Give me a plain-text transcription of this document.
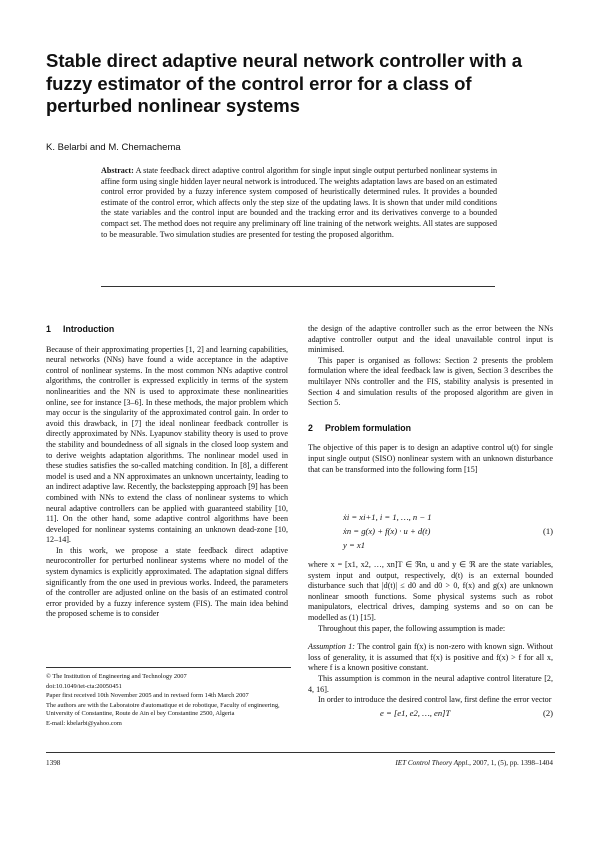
Stable direct adaptive neural network controller with a fuzzy estimator of the control error for a class of perturbed nonlinear systems
K. Belarbi and M. Chemachema
Abstract: A state feedback direct adaptive control algorithm for single input single output perturbed nonlinear systems in affine form using single hidden layer neural network is introduced. The weights adaptation laws are based on an estimated control error provided by a fuzzy inference system composed of heuristically determined rules. It provides a bounded estimate of the control error, which affects only the step size of the updating laws. It is shown that under mild conditions the state variables and the control input are bounded and the tracking error and its derivatives converge to a bounded compact set. The method does not require any preliminary off line training of the network weights. All states are supposed to be measurable. Two simulation studies are presented for testing the proposed algorithm.
1 Introduction

Because of their approximating properties [1, 2] and learning capabilities, neural networks (NNs) have found a wide acceptance in the adaptive control of nonlinear systems. In the most common NNs adaptive control algorithms, the controller is expressed explicitly in terms of the system nonlinearities and the NN is used to approximate these nonlinearities online, see for instance [3–6]. In these methods, the major problem which may occur is the singularity of the approximated control gain. In order to avoid this drawback, in [7] the ideal nonlinear feedback controller is directly approximated by NNs. Lyapunov stability theory is used to prove the stability and boundedness of all signals in the closed loop system and to derive weights adaptation algorithms. The nonlinear model used in these studies satisfies the so-called matching condition. In [8], a different model is used and a NN approximates an unknown uncertainty, leading to an indirect adaptive law. Recently, the backstepping approach [9] has been combined with NNs to extend the class of nonlinear systems to which neural adaptive controllers can be applied with guaranteed stability [10, 11]. On the other hand, some adaptive control algorithms have been developed for nonlinear systems containing an unknown dead-zone [10, 12–14].

In this work, we propose a state feedback direct adaptive neurocontroller for perturbed nonlinear systems where no model of the system dynamics is explicitly approximated. The adaptation signal differs significantly from the one used in previous works. Indeed, the parameters of the controller are adjusted online on the basis of an estimated control error provided by a fuzzy inference system (FIS). The main idea behind the proposed scheme is to consider

© The Institution of Engineering and Technology 2007
doi:10.1049/iet-cta:20050451
Paper first received 10th November 2005 and in revised form 14th March 2007
The authors are with the Laboratoire d'automatique et de robotique, Faculty of engineering, University of Constantine, Route de Ain el bey Constantine 2500, Algeria
E-mail: kbelarbi@yahoo.com

the design of the adaptive controller such as the error between the NNs adaptive controller output and the ideal unavailable control input is minimised.

This paper is organised as follows: Section 2 presents the problem formulation where the ideal feedback law is given, Section 3 describes the multilayer NNs controller and the FIS, stability analysis is presented in Section 4 and simulation results of the proposed algorithm are given in Section 5.

2 Problem formulation

The objective of this paper is to design an adaptive control u(t) for single input single output (SISO) nonlinear system with an unknown disturbance that can be transformed into the following form [15]

ẋi = xi+1, i = 1, …, n − 1
ẋn = g(x) + f(x) · u + d(t)	(1)
y = x1

where x = [x1, x2, …, xn]T ∈ ℜn, u and y ∈ ℜ are the state variables, system input and output, respectively, d(t) is an external bounded disturbance such that |d(t)| ≤ d0 and d0 > 0, f(x) and g(x) are unknown nonlinear smooth functions. Some physical systems such as robot manipulators, electrical drives, damping systems and so on can be modelled as (1) [15].

Throughout this paper, the following assumption is made:

Assumption 1: The control gain f(x) is non-zero with known sign. Without loss of generality, it is assumed that f(x) is positive and f(x) > f for all x, where f is a known positive constant.

This assumption is common in the neural adaptive control literature [2, 4, 16].

In order to introduce the desired control law, first define the error vector

e = [e1, e2, …, en]T	(2)
1398	IET Control Theory Appl., 2007, 1, (5), pp. 1398–1404
